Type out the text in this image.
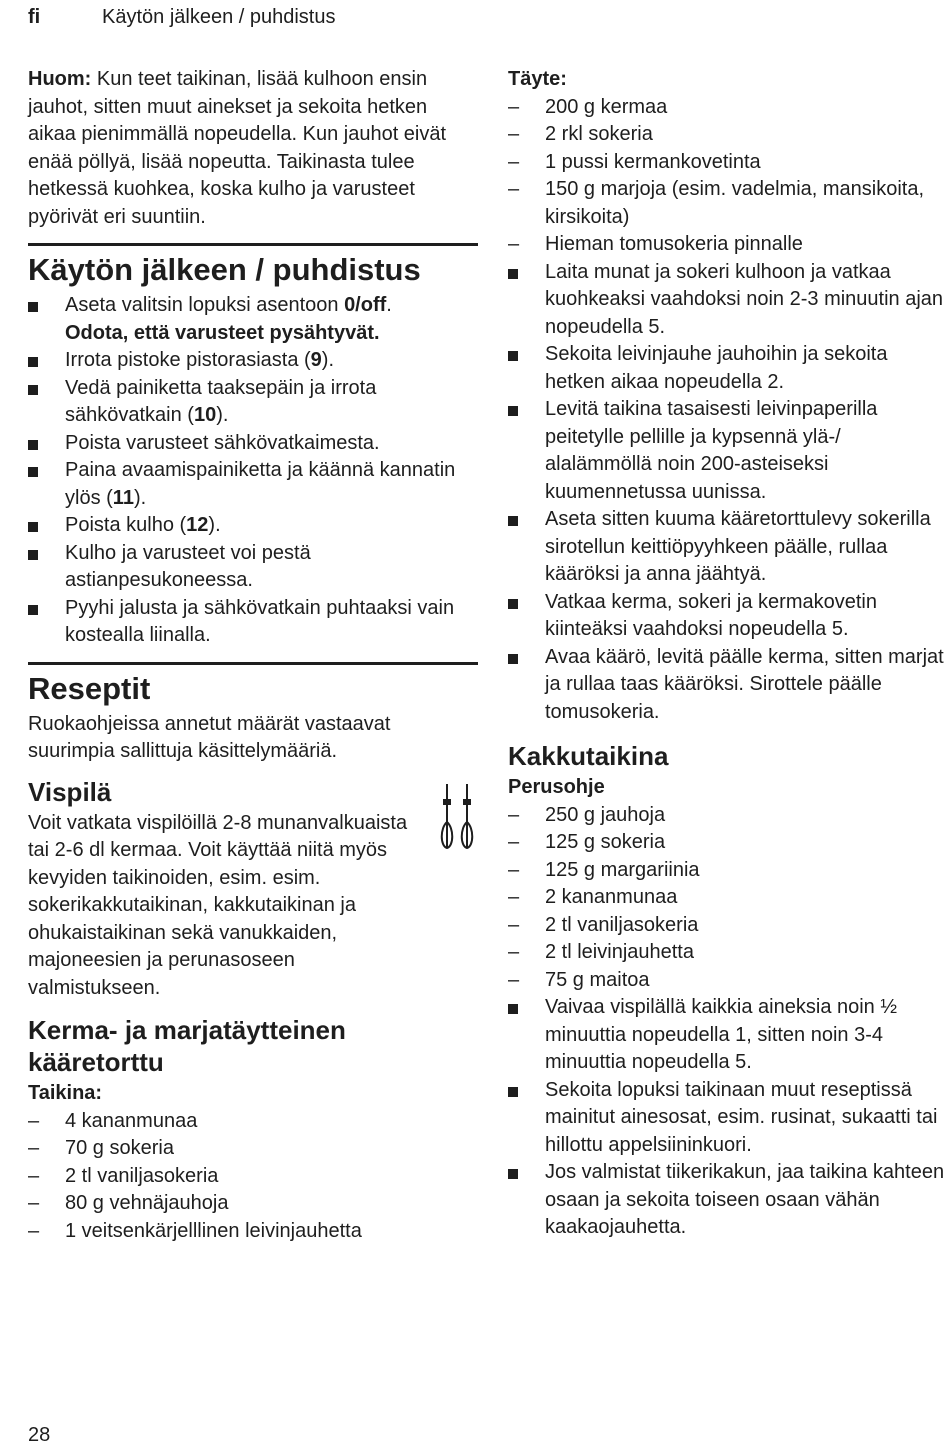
fi	Käytön jälkeen / puhdistus

Huom: Kun teet taikinan, lisää kulhoon ensin jauhot, sitten muut ainekset ja sekoita hetken aikaa pienimmällä nopeudella. Kun jauhot eivät enää pöllyä, lisää nopeutta. Taikinasta tulee hetkessä kuohkea, koska kulho ja varusteet pyörivät eri suuntiin.

Käytön jälkeen / puhdistus
Aseta valitsin lopuksi asentoon 0/off.
Odota, että varusteet pysähtyvät.
Irrota pistoke pistorasiasta (9).
Vedä painiketta taaksepäin ja irrota sähkövatkain (10).
Poista varusteet sähkövatkaimesta.
Paina avaamispainiketta ja käännä kannatin ylös (11).
Poista kulho (12).
Kulho ja varusteet voi pestä astianpesukoneessa.
Pyyhi jalusta ja sähkövatkain puhtaaksi vain kostealla liinalla.
Reseptit

Ruokaohjeissa annetut määrät vastaavat suurimpia sallittuja käsittelymääriä.

Vispilä

Voit vatkata vispilöillä 2-8 munanvalkuaista tai 2-6 dl kermaa. Voit käyttää niitä myös kevyiden taikinoiden, esim. esim. sokerikakkutaikinan, kakkutaikinan ja ohukaistaikinan sekä vanukkaiden, majoneesien ja perunasoseen valmistukseen.

Kerma- ja marjatäytteinen kääretorttu
Taikina:
– 4 kananmunaa
– 70 g sokeria
– 2 tl vaniljasokeria
– 80 g vehnäjauhoja
– 1 veitsenkärjelllinen leivinjauhetta
Täyte:
– 200 g kermaa
– 2 rkl sokeria
– 1 pussi kermankovetinta
– 150 g marjoja (esim. vadelmia, mansikoita, kirsikoita)
– Hieman tomusokeria pinnalle
Laita munat ja sokeri kulhoon ja vatkaa kuohkeaksi vaahdoksi noin 2-3 minuutin ajan nopeudella 5.
Sekoita leivinjauhe jauhoihin ja sekoita hetken aikaa nopeudella 2.
Levitä taikina tasaisesti leivinpaperilla peitetylle pellille ja kypsennä ylä-/ alalämmöllä noin 200-asteiseksi kuumennetussa uunissa.
Aseta sitten kuuma kääretorttulevy sokerilla sirotellun keittiöpyyhkeen päälle, rullaa kääröksi ja anna jäähtyä.
Vatkaa kerma, sokeri ja kermakovetin kiinteäksi vaahdoksi nopeudella 5.
Avaa käärö, levitä päälle kerma, sitten marjat ja rullaa taas kääröksi. Sirottele päälle tomusokeria.
Kakkutaikina
Perusohje
– 250 g jauhoja
– 125 g sokeria
– 125 g margariinia
– 2 kananmunaa
– 2 tl vaniljasokeria
– 2 tl leivinjauhetta
– 75 g maitoa
Vaivaa vispilällä kaikkia aineksia noin ½ minuuttia nopeudella 1, sitten noin 3-4 minuuttia nopeudella 5.
Sekoita lopuksi taikinaan muut reseptissä mainitut ainesosat, esim. rusinat, sukaatti tai hillottu appelsiininkuori.
Jos valmistat tiikerikakun, jaa taikina kahteen osaan ja sekoita toiseen osaan vähän kaakaojauhetta.
28
